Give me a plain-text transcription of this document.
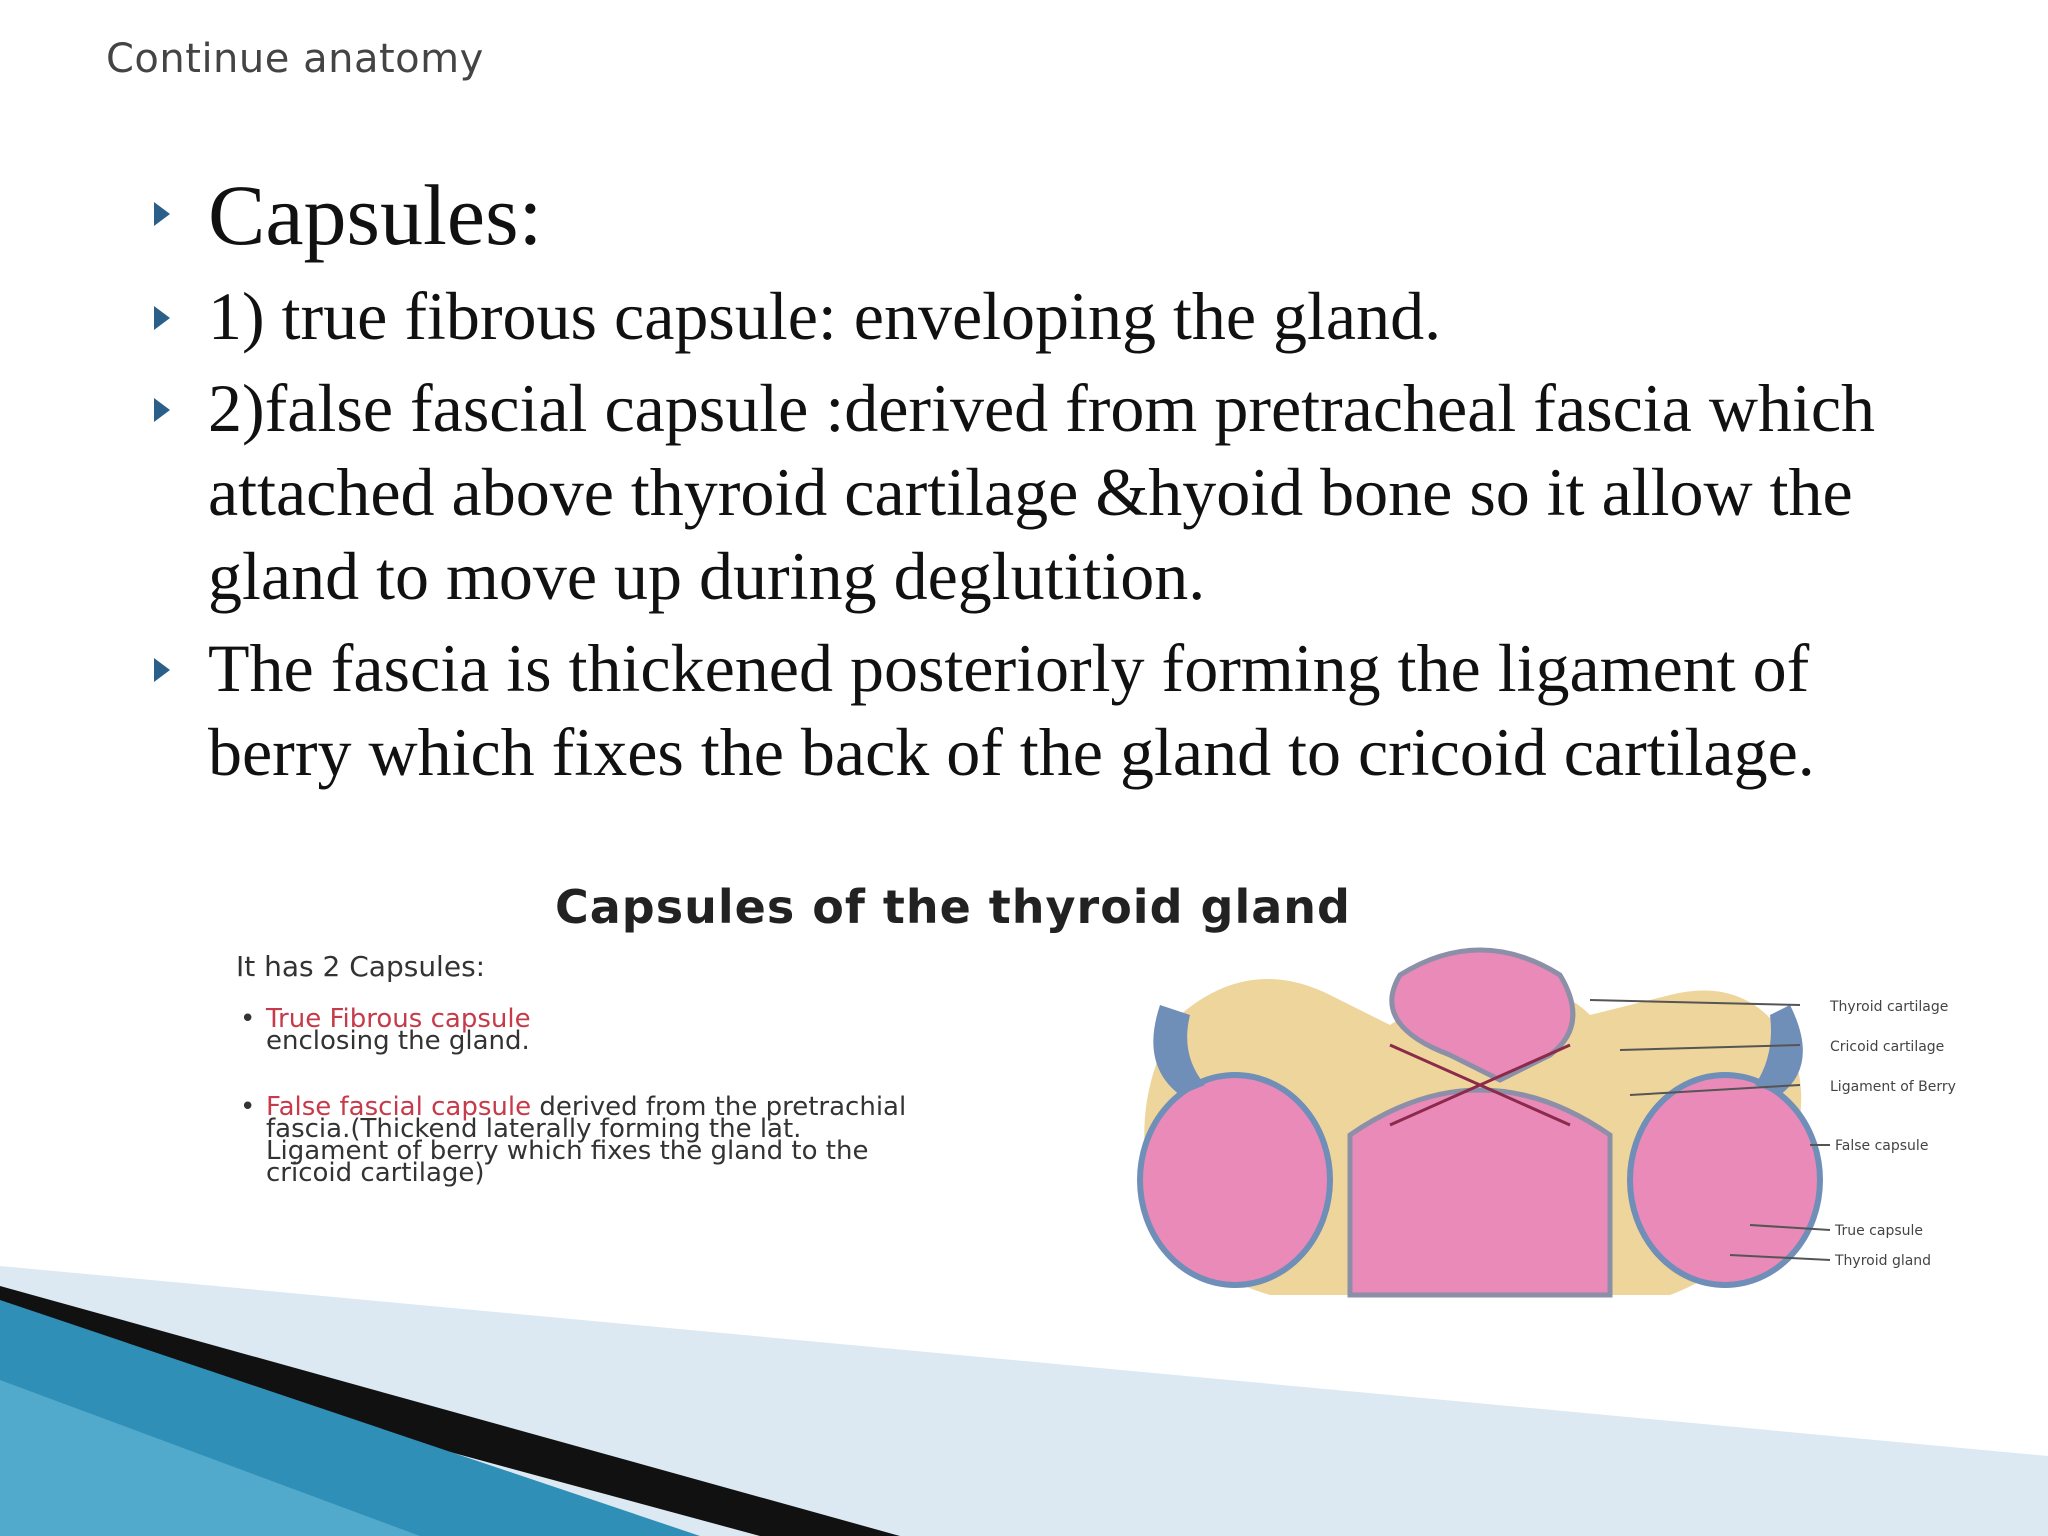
Continue anatomy
Capsules:
1) true fibrous capsule: enveloping the gland.
2)false fascial capsule :derived from pretracheal fascia which attached above thyroid cartilage &hyoid bone so it allow the gland to move up during deglutition.
The fascia is thickened posteriorly forming the ligament of berry which fixes the back of the gland to cricoid cartilage.
Capsules of the thyroid gland
It has 2 Capsules:
• True Fibrous capsule
enclosing the gland.
• False fascial capsule derived from the pretrachial fascia.(Thickend laterally forming the lat. Ligament of berry which fixes the gland to the cricoid cartilage)
Thyroid cartilage
Cricoid cartilage
Ligament of Berry
False capsule
True capsule
Thyroid gland
